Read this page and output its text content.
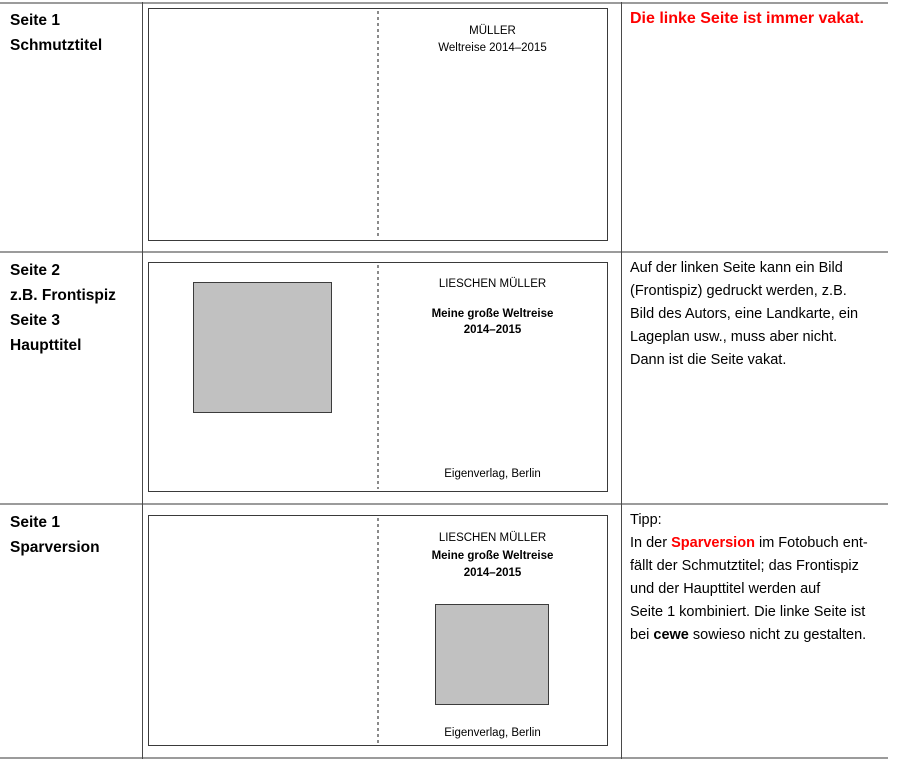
Seite 1
Schmutztitel
MÜLLER
Weltreise 2014–2015
Die linke Seite ist immer vakat.
Seite 2
z.B. Frontispiz
Seite 3
Haupttitel
LIESCHEN MÜLLER
Meine große Weltreise
2014–2015
Eigenverlag, Berlin
Auf der linken Seite kann ein Bild
(Frontispiz) gedruckt werden, z.B.
Bild des Autors, eine Landkarte, ein
Lageplan usw., muss aber nicht.
Dann ist die Seite vakat.
Seite 1
Sparversion
LIESCHEN MÜLLER
Meine große Weltreise
2014–2015
Eigenverlag, Berlin
Tipp:
In der Sparversion im Fotobuch ent-
fällt der Schmutztitel; das Frontispiz
und der Haupttitel werden auf
Seite 1 kombiniert. Die linke Seite ist
bei cewe sowieso nicht zu gestalten.
